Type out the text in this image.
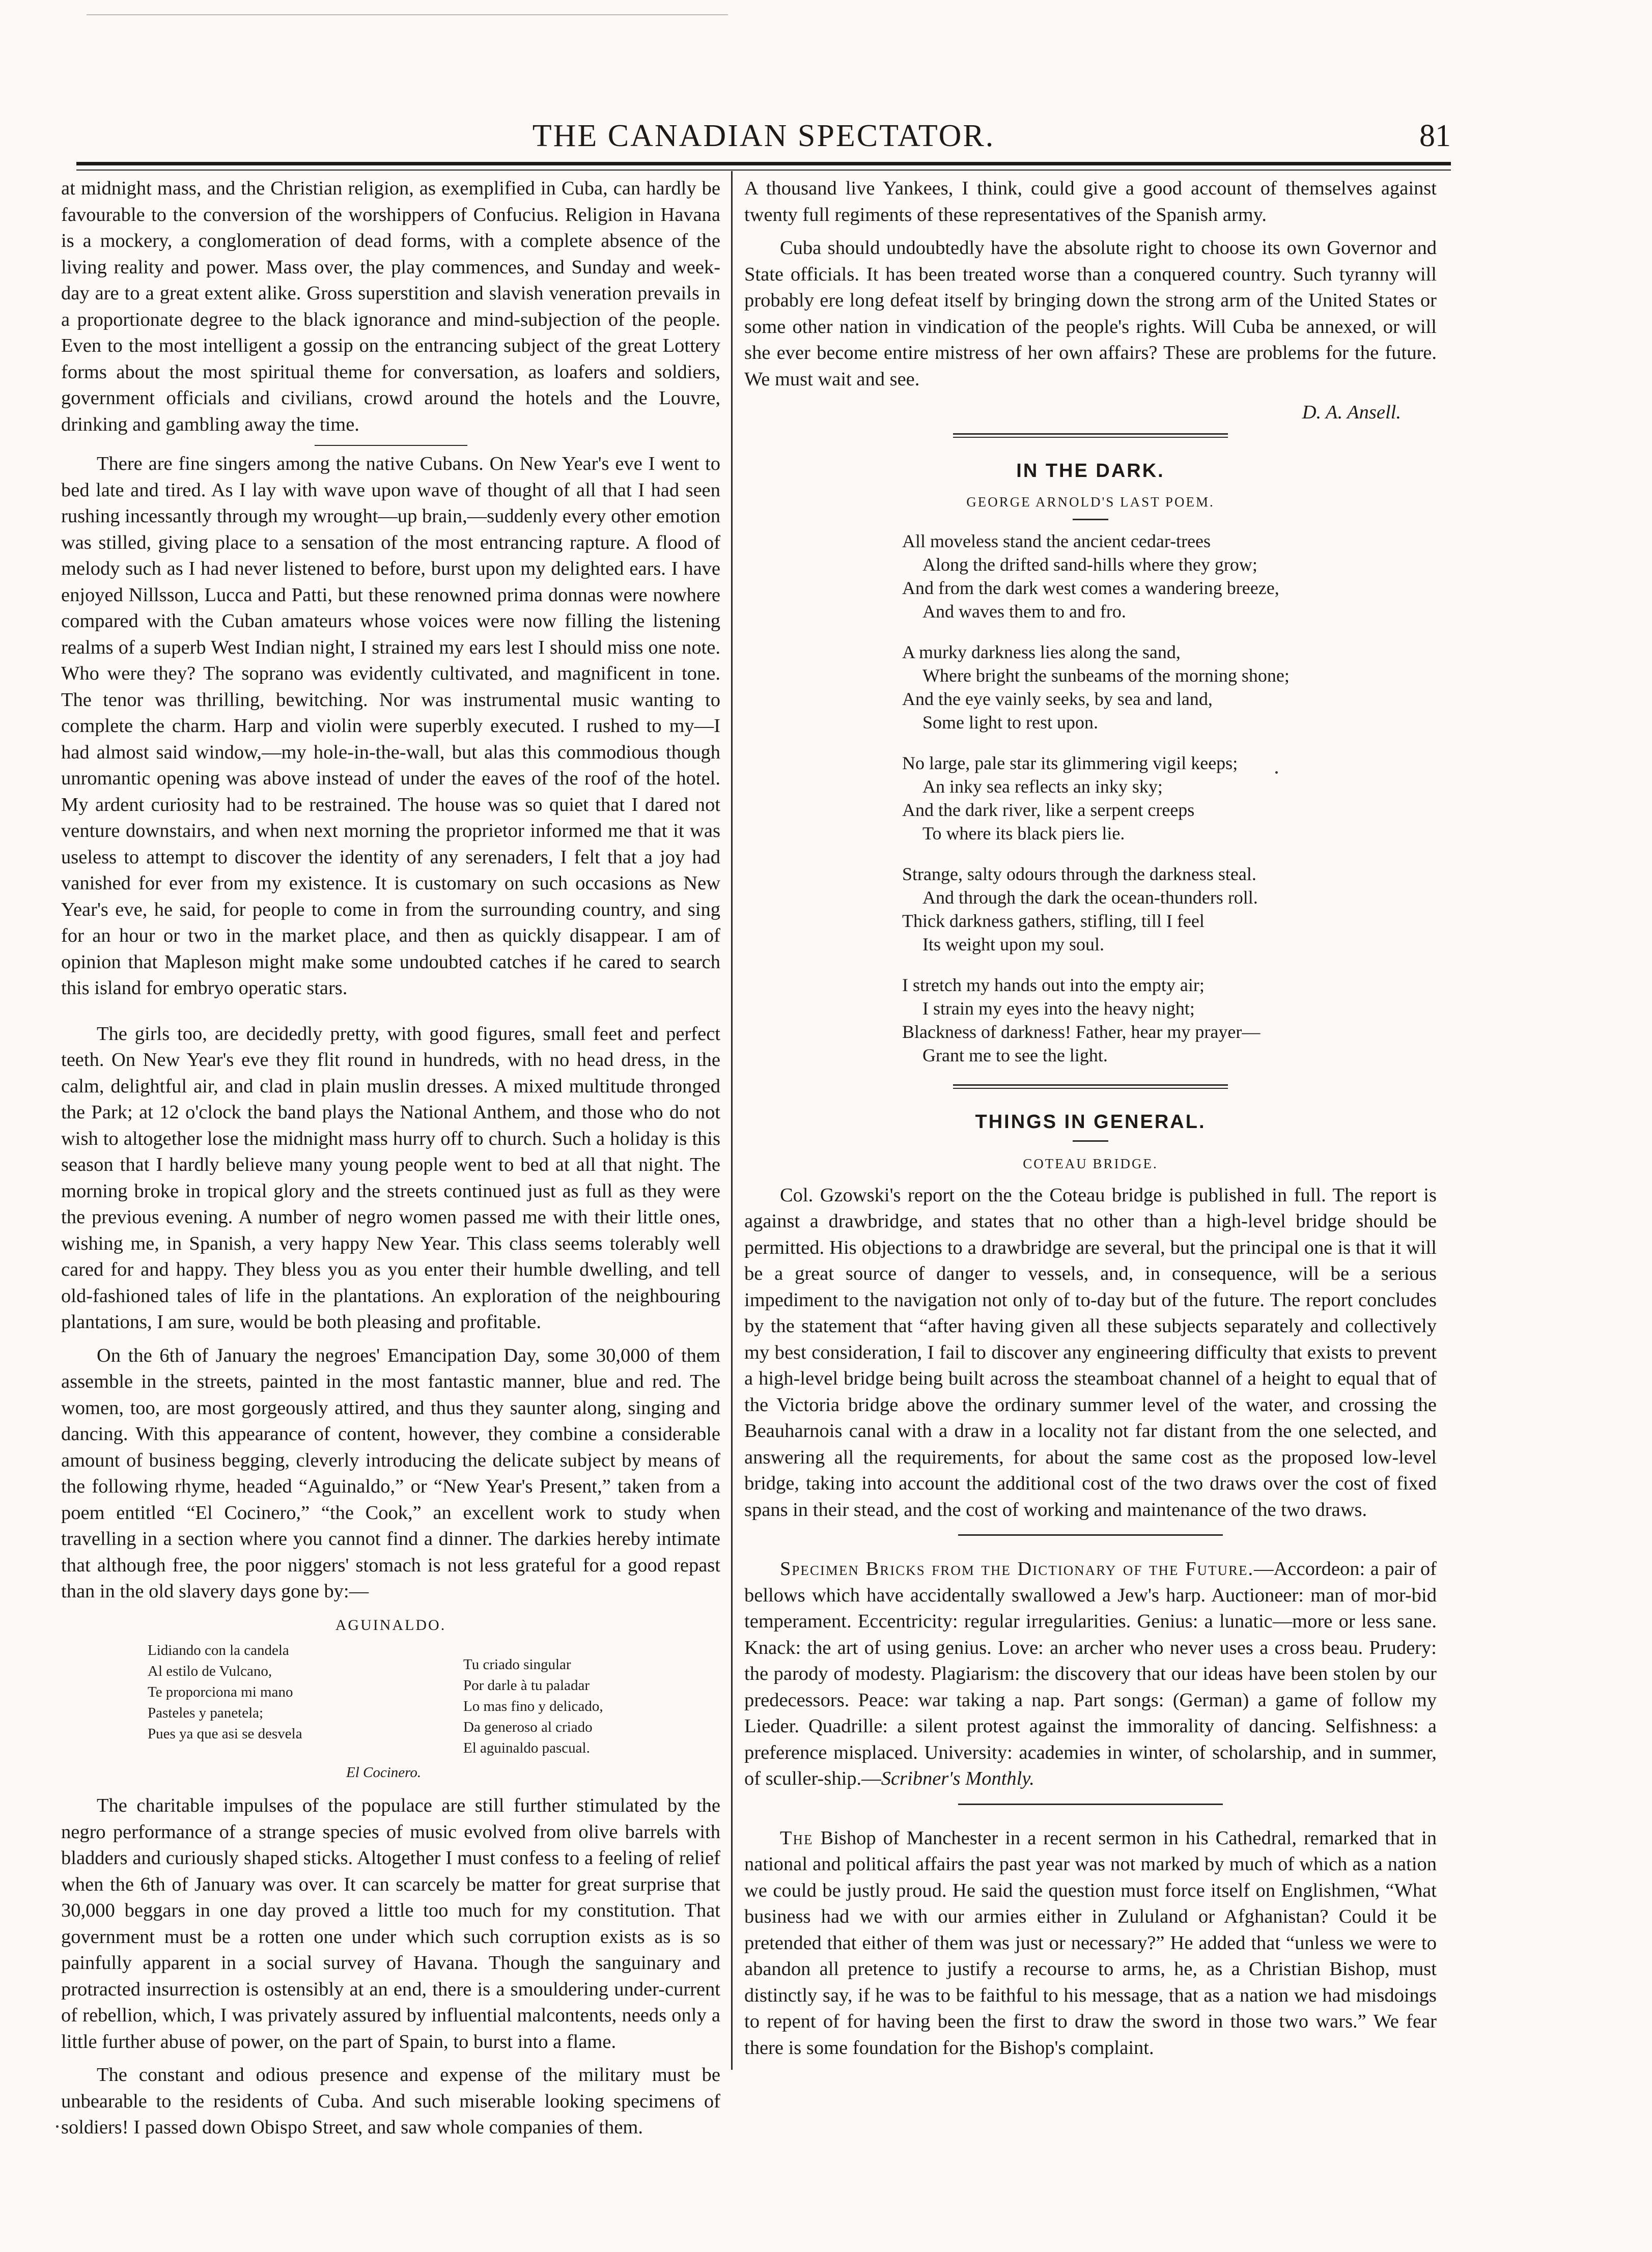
THE CANADIAN SPECTATOR.	81

at midnight mass, and the Christian religion, as exemplified in Cuba, can hardly be favourable to the conversion of the worshippers of Confucius. Religion in Havana is a mockery, a conglomeration of dead forms, with a complete absence of the living reality and power. Mass over, the play commences, and Sunday and week-day are to a great extent alike. Gross superstition and slavish veneration prevails in a proportionate degree to the black ignorance and mind-subjection of the people. Even to the most intelligent a gossip on the entrancing subject of the great Lottery forms about the most spiritual theme for conversation, as loafers and soldiers, government officials and civilians, crowd around the hotels and the Louvre, drinking and gambling away the time.

There are fine singers among the native Cubans. On New Year's eve I went to bed late and tired. As I lay with wave upon wave of thought of all that I had seen rushing incessantly through my wrought—up brain,—suddenly every other emotion was stilled, giving place to a sensation of the most entrancing rapture. A flood of melody such as I had never listened to before, burst upon my delighted ears. I have enjoyed Nillsson, Lucca and Patti, but these renowned prima donnas were nowhere compared with the Cuban amateurs whose voices were now filling the listening realms of a superb West Indian night, I strained my ears lest I should miss one note. Who were they? The soprano was evidently cultivated, and magnificent in tone. The tenor was thrilling, bewitching. Nor was instrumental music wanting to complete the charm. Harp and violin were superbly executed. I rushed to my—I had almost said window,—my hole-in-the-wall, but alas this commodious though unromantic opening was above instead of under the eaves of the roof of the hotel. My ardent curiosity had to be restrained. The house was so quiet that I dared not venture downstairs, and when next morning the proprietor informed me that it was useless to attempt to discover the identity of any serenaders, I felt that a joy had vanished for ever from my existence. It is customary on such occasions as New Year's eve, he said, for people to come in from the surrounding country, and sing for an hour or two in the market place, and then as quickly disappear. I am of opinion that Mapleson might make some undoubted catches if he cared to search this island for embryo operatic stars.

The girls too, are decidedly pretty, with good figures, small feet and perfect teeth. On New Year's eve they flit round in hundreds, with no head dress, in the calm, delightful air, and clad in plain muslin dresses. A mixed multitude thronged the Park; at 12 o'clock the band plays the National Anthem, and those who do not wish to altogether lose the midnight mass hurry off to church. Such a holiday is this season that I hardly believe many young people went to bed at all that night. The morning broke in tropical glory and the streets continued just as full as they were the previous evening. A number of negro women passed me with their little ones, wishing me, in Spanish, a very happy New Year. This class seems tolerably well cared for and happy. They bless you as you enter their humble dwelling, and tell old-fashioned tales of life in the plantations. An exploration of the neighbouring plantations, I am sure, would be both pleasing and profitable.

On the 6th of January the negroes' Emancipation Day, some 30,000 of them assemble in the streets, painted in the most fantastic manner, blue and red. The women, too, are most gorgeously attired, and thus they saunter along, singing and dancing. With this appearance of content, however, they combine a considerable amount of business begging, cleverly introducing the delicate subject by means of the following rhyme, headed “Aguinaldo,” or “New Year's Present,” taken from a poem entitled “El Cocinero,” “the Cook,” an excellent work to study when travelling in a section where you cannot find a dinner. The darkies hereby intimate that although free, the poor niggers' stomach is not less grateful for a good repast than in the old slavery days gone by:—

AGUINALDO.
Lidiando con la candela
Al estilo de Vulcano,
Te proporciona mi mano
Pasteles y panetela;
Pues ya que asi se desvela
Tu criado singular
Por darle à tu paladar
Lo mas fino y delicado,
Da generoso al criado
El aguinaldo pascual.
El Cocinero.

The charitable impulses of the populace are still further stimulated by the negro performance of a strange species of music evolved from olive barrels with bladders and curiously shaped sticks. Altogether I must confess to a feeling of relief when the 6th of January was over. It can scarcely be matter for great surprise that 30,000 beggars in one day proved a little too much for my constitution. That government must be a rotten one under which such corruption exists as is so painfully apparent in a social survey of Havana. Though the sanguinary and protracted insurrection is ostensibly at an end, there is a smouldering under-current of rebellion, which, I was privately assured by influential malcontents, needs only a little further abuse of power, on the part of Spain, to burst into a flame.

The constant and odious presence and expense of the military must be unbearable to the residents of Cuba. And such miserable looking specimens of soldiers! I passed down Obispo Street, and saw whole companies of them.

A thousand live Yankees, I think, could give a good account of themselves against twenty full regiments of these representatives of the Spanish army.

Cuba should undoubtedly have the absolute right to choose its own Governor and State officials. It has been treated worse than a conquered country. Such tyranny will probably ere long defeat itself by bringing down the strong arm of the United States or some other nation in vindication of the people's rights. Will Cuba be annexed, or will she ever become entire mistress of her own affairs? These are problems for the future. We must wait and see.

D. A. Ansell.
IN THE DARK.
GEORGE ARNOLD'S LAST POEM.
All moveless stand the ancient cedar-trees
Along the drifted sand-hills where they grow;
And from the dark west comes a wandering breeze,
And waves them to and fro.
A murky darkness lies along the sand,
Where bright the sunbeams of the morning shone;
And the eye vainly seeks, by sea and land,
Some light to rest upon.
No large, pale star its glimmering vigil keeps;
An inky sea reflects an inky sky;
And the dark river, like a serpent creeps
To where its black piers lie.
Strange, salty odours through the darkness steal.
And through the dark the ocean-thunders roll.
Thick darkness gathers, stifling, till I feel
Its weight upon my soul.
I stretch my hands out into the empty air;
I strain my eyes into the heavy night;
Blackness of darkness! Father, hear my prayer—
Grant me to see the light.
THINGS IN GENERAL.
COTEAU BRIDGE.

Col. Gzowski's report on the the Coteau bridge is published in full. The report is against a drawbridge, and states that no other than a high-level bridge should be permitted. His objections to a drawbridge are several, but the principal one is that it will be a great source of danger to vessels, and, in consequence, will be a serious impediment to the navigation not only of to-day but of the future. The report concludes by the statement that “after having given all these subjects separately and collectively my best consideration, I fail to discover any engineering difficulty that exists to prevent a high-level bridge being built across the steamboat channel of a height to equal that of the Victoria bridge above the ordinary summer level of the water, and crossing the Beauharnois canal with a draw in a locality not far distant from the one selected, and answering all the requirements, for about the same cost as the proposed low-level bridge, taking into account the additional cost of the two draws over the cost of fixed spans in their stead, and the cost of working and maintenance of the two draws.

Specimen Bricks from the Dictionary of the Future.—Accordeon: a pair of bellows which have accidentally swallowed a Jew's harp. Auctioneer: man of mor-bid temperament. Eccentricity: regular irregularities. Genius: a lunatic—more or less sane. Knack: the art of using genius. Love: an archer who never uses a cross beau. Prudery: the parody of modesty. Plagiarism: the discovery that our ideas have been stolen by our predecessors. Peace: war taking a nap. Part songs: (German) a game of follow my Lieder. Quadrille: a silent protest against the immorality of dancing. Selfishness: a preference misplaced. University: academies in winter, of scholarship, and in summer, of sculler-ship.—Scribner's Monthly.

The Bishop of Manchester in a recent sermon in his Cathedral, remarked that in national and political affairs the past year was not marked by much of which as a nation we could be justly proud. He said the question must force itself on Englishmen, “What business had we with our armies either in Zululand or Afghanistan? Could it be pretended that either of them was just or necessary?” He added that “unless we were to abandon all pretence to justify a recourse to arms, he, as a Christian Bishop, must distinctly say, if he was to be faithful to his message, that as a nation we had misdoings to repent of for having been the first to draw the sword in those two wars.” We fear there is some foundation for the Bishop's complaint.
